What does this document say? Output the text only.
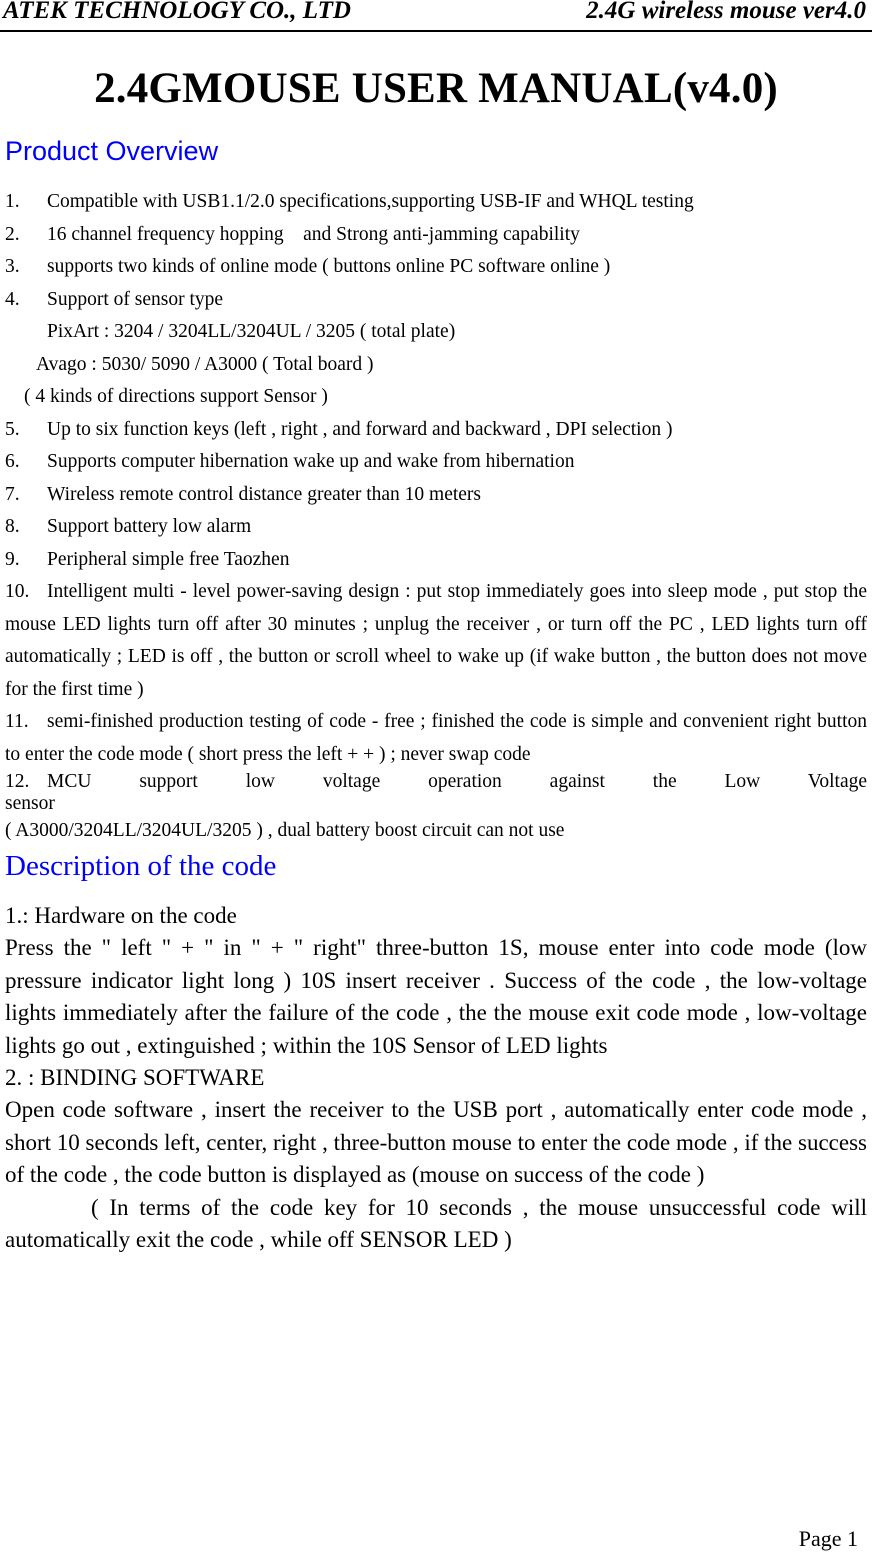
ATEK TECHNOLOGY CO., LTD	2.4G wireless mouse ver4.0
2.4GMOUSE USER MANUAL(v4.0)
Product Overview
1. Compatible with USB1.1/2.0 specifications,supporting USB-IF and WHQL testing
2. 16 channel frequency hopping    and Strong anti-jamming capability
3. supports two kinds of online mode ( buttons online PC software online )
4. Support of sensor type
PixArt : 3204 / 3204LL/3204UL / 3205 ( total plate)
Avago : 5030/ 5090 / A3000 ( Total board )
( 4 kinds of directions support Sensor )
5. Up to six function keys (left , right , and forward and backward , DPI selection )
6. Supports computer hibernation wake up and wake from hibernation
7. Wireless remote control distance greater than 10 meters
8. Support battery low alarm
9. Peripheral simple free Taozhen
10. Intelligent multi - level power-saving design : put stop immediately goes into sleep mode , put stop the mouse LED lights turn off after 30 minutes ; unplug the receiver , or turn off the PC , LED lights turn off automatically ; LED is off , the button or scroll wheel to wake up (if wake button , the button does not move for the first time )
11. semi-finished production testing of code - free ; finished the code is simple and convenient right button to enter the code mode ( short press the left + + ) ; never swap code
12. MCU support low voltage operation against the Low Voltage sensor
( A3000/3204LL/3204UL/3205 ) , dual battery boost circuit can not use
Description of the code
1.: Hardware on the code
Press the " left " + " in " + " right" three-button 1S, mouse enter into code mode (low pressure indicator light long ) 10S insert receiver . Success of the code , the low-voltage lights immediately after the failure of the code , the the mouse exit code mode , low-voltage lights go out , extinguished ; within the 10S Sensor of LED lights
2. : BINDING SOFTWARE
Open code software , insert the receiver to the USB port , automatically enter code mode , short 10 seconds left, center, right , three-button mouse to enter the code mode , if the success of the code , the code button is displayed as (mouse on success of the code )
( In terms of the code key for 10 seconds , the mouse unsuccessful code will automatically exit the code , while off SENSOR LED )
Page 1
